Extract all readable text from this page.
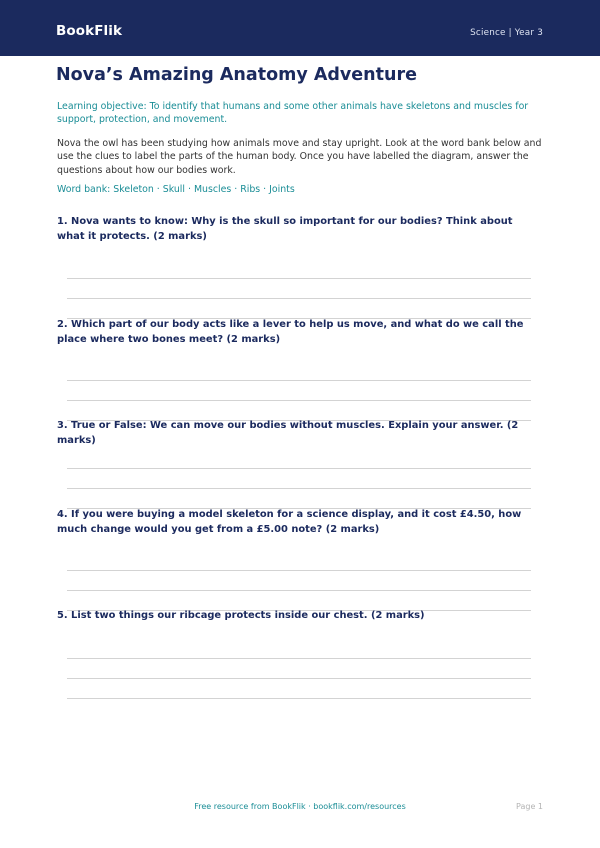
BookFlik	Science | Year 3
Nova’s Amazing Anatomy Adventure
Learning objective: To identify that humans and some other animals have skeletons and muscles for support, protection, and movement.
Nova the owl has been studying how animals move and stay upright. Look at the word bank below and use the clues to label the parts of the human body. Once you have labelled the diagram, answer the questions about how our bodies work.
Word bank: Skeleton · Skull · Muscles · Ribs · Joints
1. Nova wants to know: Why is the skull so important for our bodies? Think about what it protects. (2 marks)
2. Which part of our body acts like a lever to help us move, and what do we call the place where two bones meet? (2 marks)
3. True or False: We can move our bodies without muscles. Explain your answer. (2 marks)
4. If you were buying a model skeleton for a science display, and it cost £4.50, how much change would you get from a £5.00 note? (2 marks)
5. List two things our ribcage protects inside our chest. (2 marks)
Free resource from BookFlik · bookflik.com/resources	Page 1
